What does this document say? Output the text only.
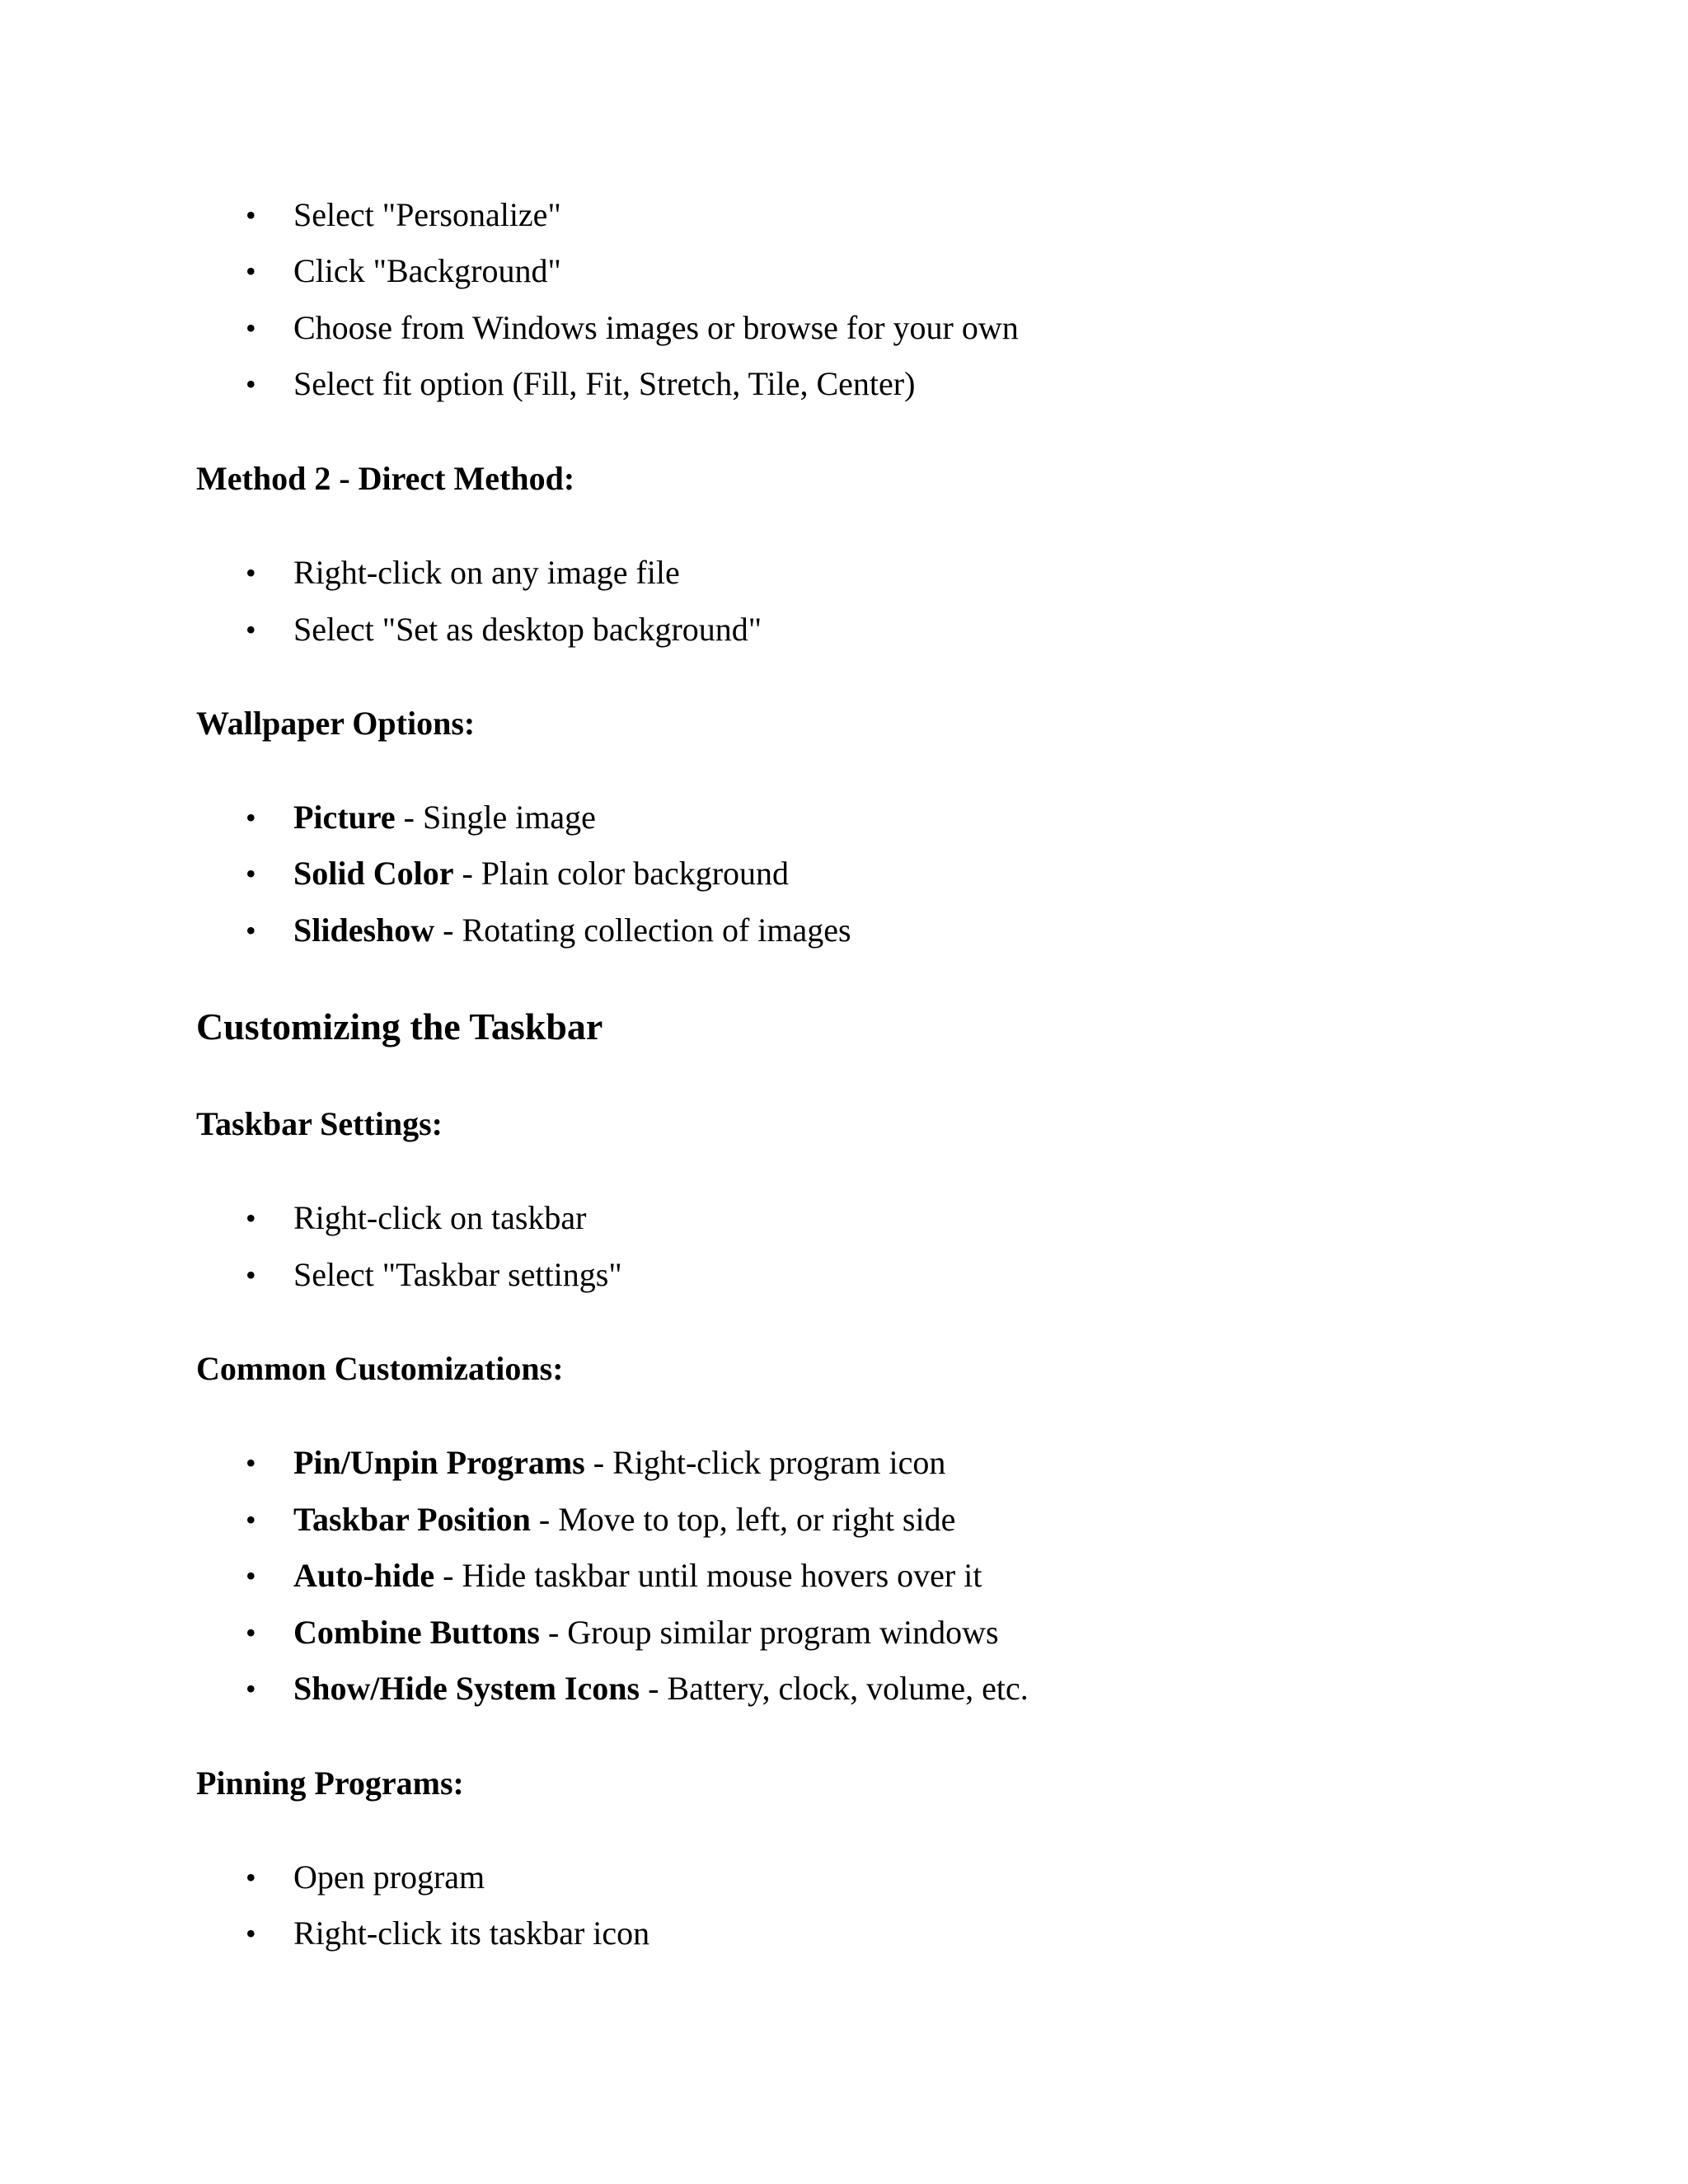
• Select "Personalize"
• Click "Background"
• Choose from Windows images or browse for your own
• Select fit option (Fill, Fit, Stretch, Tile, Center)
Method 2 - Direct Method:
• Right-click on any image file
• Select "Set as desktop background"
Wallpaper Options:
• Picture - Single image
• Solid Color - Plain color background
• Slideshow - Rotating collection of images
Customizing the Taskbar
Taskbar Settings:
• Right-click on taskbar
• Select "Taskbar settings"
Common Customizations:
• Pin/Unpin Programs - Right-click program icon
• Taskbar Position - Move to top, left, or right side
• Auto-hide - Hide taskbar until mouse hovers over it
• Combine Buttons - Group similar program windows
• Show/Hide System Icons - Battery, clock, volume, etc.
Pinning Programs:
• Open program
• Right-click its taskbar icon
